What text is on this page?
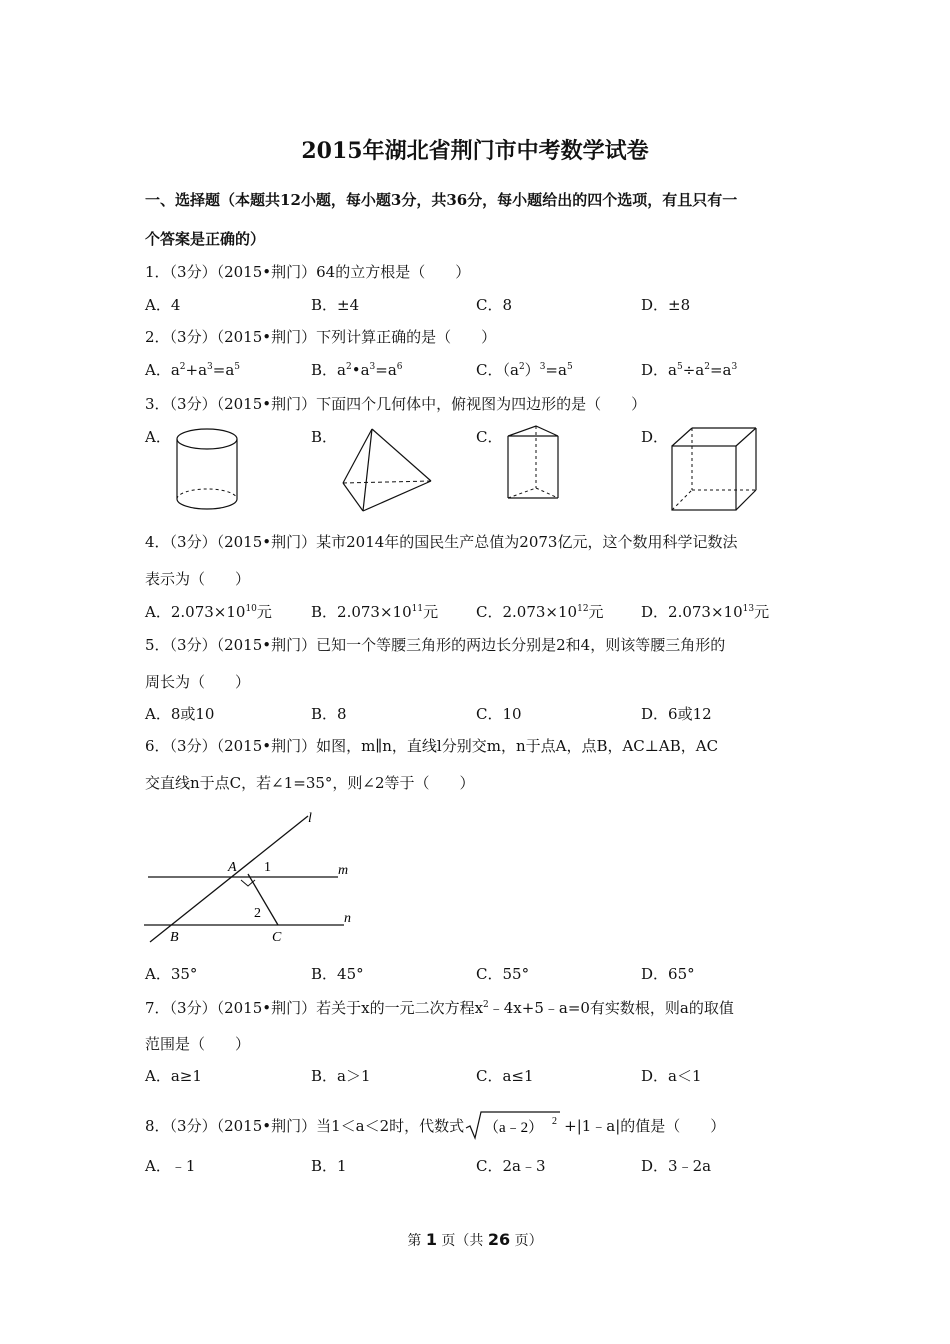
2015年湖北省荆门市中考数学试卷
一、选择题（本题共12小题，每小题3分，共36分，每小题给出的四个选项，有且只有一
个答案是正确的）
1．（3分）（2015•荆门）64的立方根是（　　）
A．4	B．±4	C．8	D．±8
2．（3分）（2015•荆门）下列计算正确的是（　　）
A．$a^2+a^3=a^5$	B．$a^2•a^3=a^6$	C．$(a^2)^3=a^5$	D．$a^5\div a^2=a^3$
3．（3分）（2015•荆门）下面四个几何体中，俯视图为四边形的是（　　）
A．	B．	C．	D．
4．（3分）（2015•荆门）某市2014年的国民生产总值为2073亿元，这个数用科学记数法
表示为（　　）
A．$2.073\times 10^{10}$元	B．$2.073\times 10^{11}$元	C．$2.073\times 10^{12}$元 D．$2.073\times 10^{13}$元
5．（3分）（2015•荆门）已知一个等腰三角形的两边长分别是2和4，则该等腰三角形的
周长为（　　）
A．8或10	B．8	C．10	D．6或12
6．（3分）（2015•荆门）如图，m∥n，直线l分别交m，n于点A，点B，AC⊥AB，AC
交直线n于点C，若∠1=35°，则∠2等于（　　）
l
m
n
A
B	C
1
2
A．35°	B．45°	C．55°	D．65°
7．（3分）（2015•荆门）若关于x的一元二次方程$x^2﹣4x+5﹣a=0$有实数根，则a的取值
范围是（　　）
A．a≥1	B．a＞1	C．a≤1	D．a＜1
8．（3分）（2015•荆门）当1＜a＜2时，代数式 （a﹣2） 2 +|1﹣a|的值是（　　）
A．﹣1	B．1	C．2a﹣3	D．3﹣2a
第 1 页（共 26 页）
